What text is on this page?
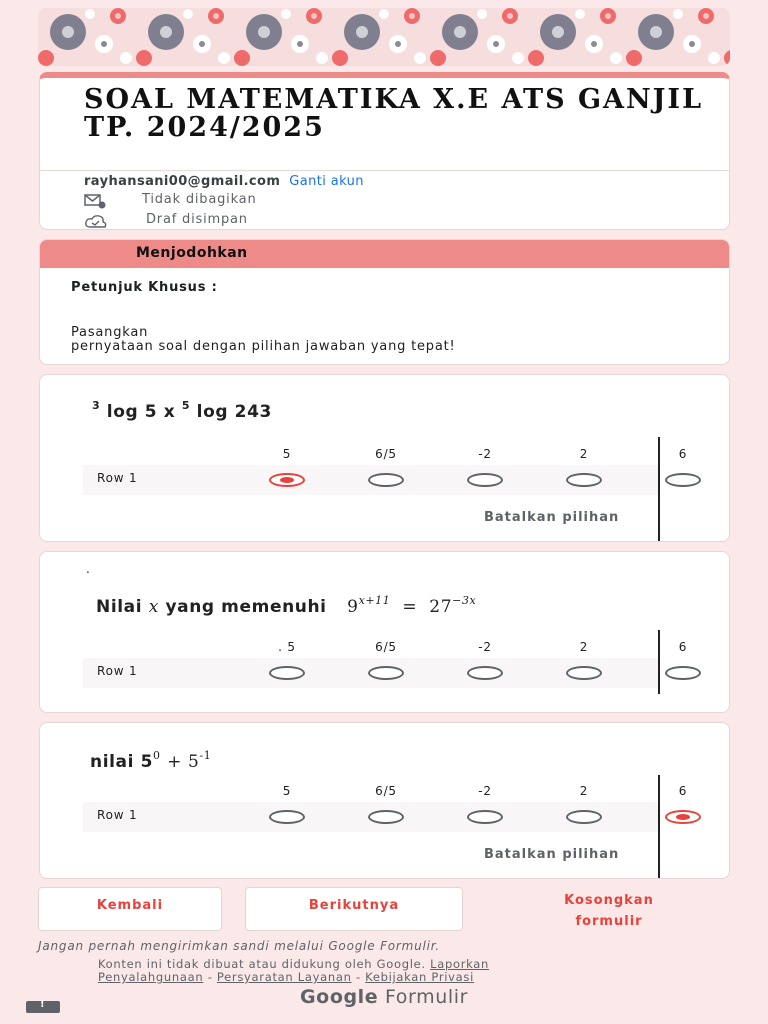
SOAL MATEMATIKA X.E ATS GANJIL TP. 2024/2025
rayhansani00@gmail.com Ganti akun
Tidak dibagikan
Draf disimpan
Menjodohkan
Petunjuk Khusus :
Pasangkan
pernyataan soal dengan pilihan jawaban yang tepat!
$^3$ log 5 x $^5$ log 243
5	6/5	-2	2	6
Row 1
Batalkan pilihan
.
Nilai x yang memenuhi $9^{x+11} = 27^{-3x}$
. 5	6/5	-2	2	6
Row 1
nilai $5^0 + 5^{-1}$
5	6/5	-2	2	6
Row 1
Batalkan pilihan
Kembali	Berikutnya	Kosongkan
formulir
Jangan pernah mengirimkan sandi melalui Google Formulir.
Konten ini tidak dibuat atau didukung oleh Google. Laporkan
Penyalahgunaan - Persyaratan Layanan - Kebijakan Privasi
Google Formulir
!
